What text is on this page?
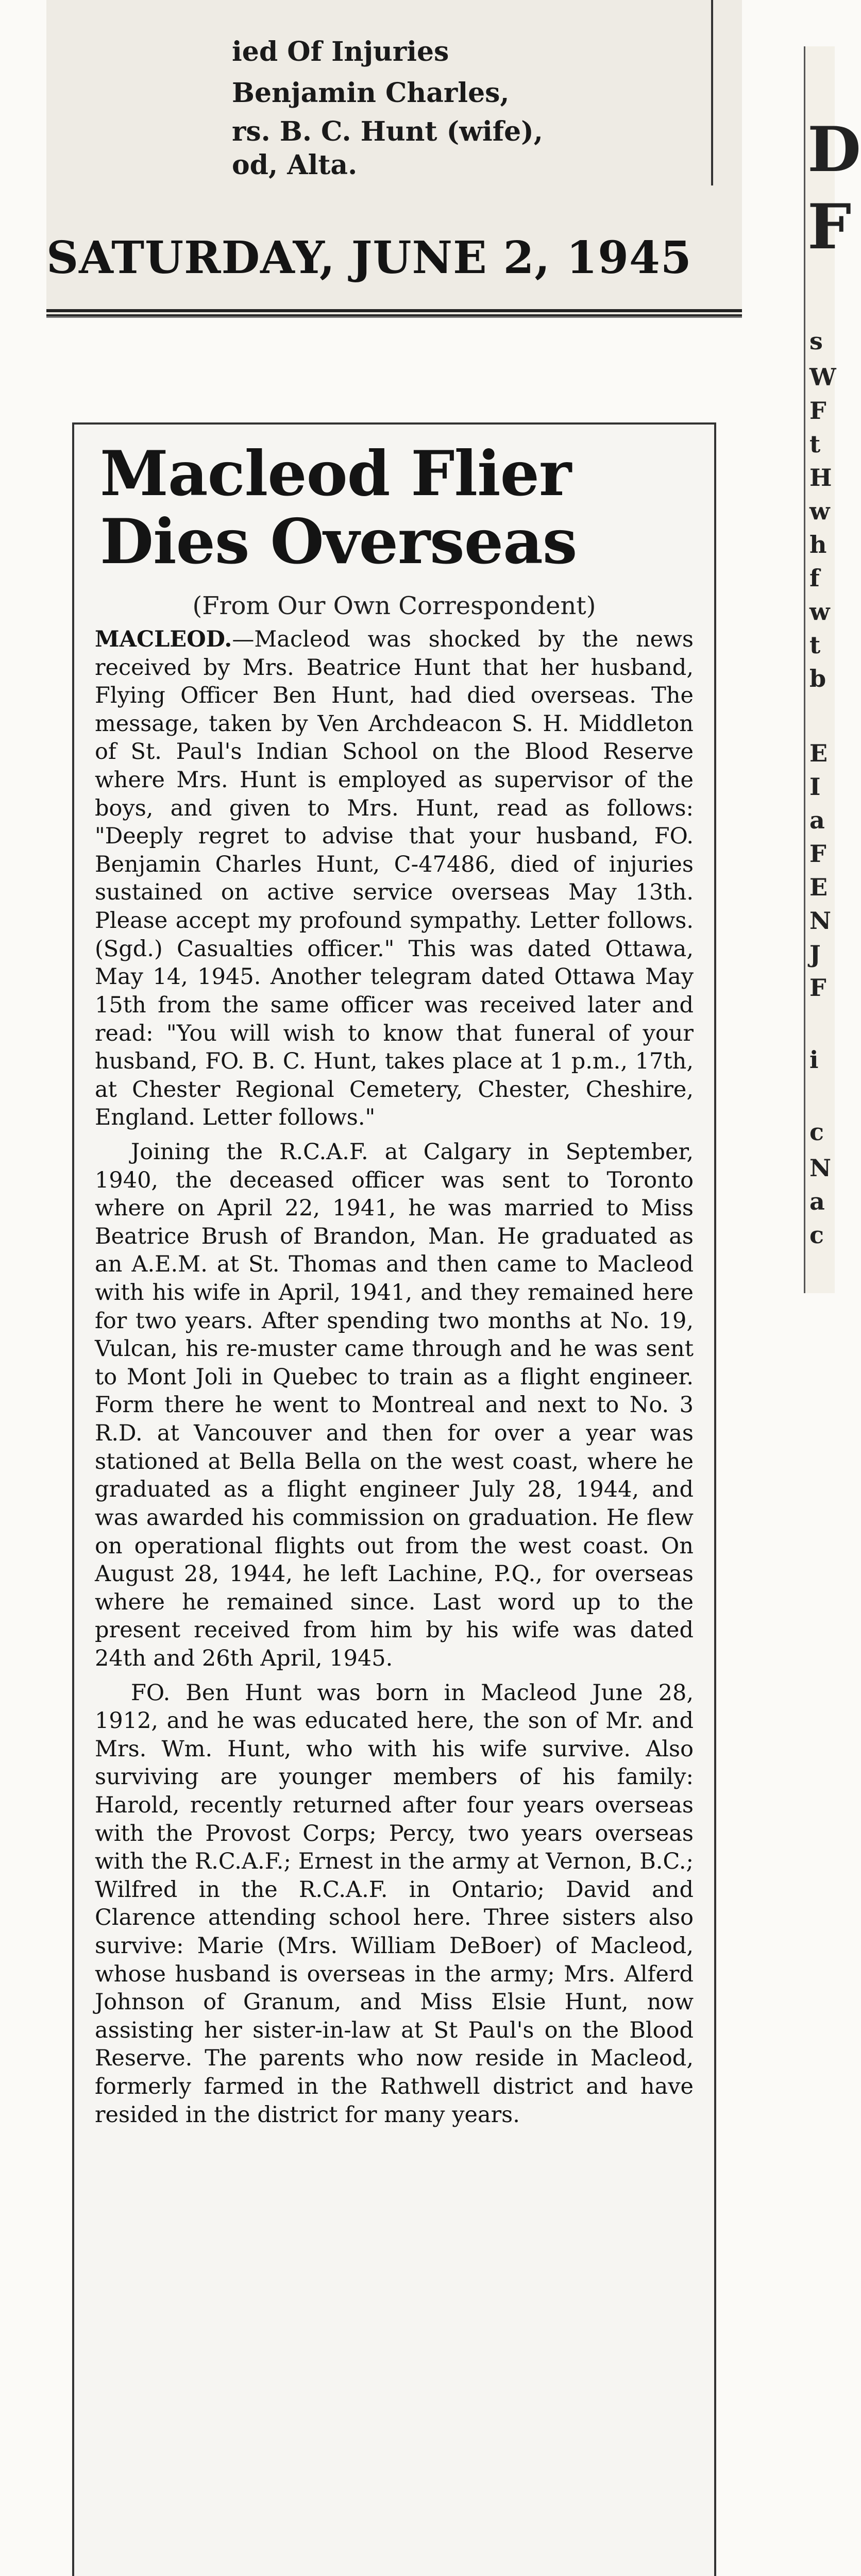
ied Of Injuries
Benjamin Charles,
rs. B. C. Hunt (wife),
od, Alta.
SATURDAY, JUNE 2, 1945
D
F
s
W
F
t
H
w
h
f
w
t
b
E
I
a
F
E
N
J
F
i
c
N
a
c
Macleod Flier
Dies Overseas
(From Our Own Correspondent)

MACLEOD.—Macleod was shocked by the news received by Mrs. Beatrice Hunt that her husband, Flying Officer Ben Hunt, had died overseas. The message, taken by Ven Archdeacon S. H. Middleton of St. Paul's Indian School on the Blood Reserve where Mrs. Hunt is employed as supervisor of the boys, and given to Mrs. Hunt, read as follows: "Deeply regret to advise that your husband, FO. Benjamin Charles Hunt, C-47486, died of injuries sustained on active service overseas May 13th. Please accept my profound sympathy. Letter follows. (Sgd.) Casualties officer." This was dated Ottawa, May 14, 1945. Another telegram dated Ottawa May 15th from the same officer was received later and read: "You will wish to know that funeral of your husband, FO. B. C. Hunt, takes place at 1 p.m., 17th, at Chester Regional Cemetery, Chester, Cheshire, England. Letter follows."

Joining the R.C.A.F. at Calgary in September, 1940, the deceased officer was sent to Toronto where on April 22, 1941, he was married to Miss Beatrice Brush of Brandon, Man. He graduated as an A.E.M. at St. Thomas and then came to Macleod with his wife in April, 1941, and they remained here for two years. After spending two months at No. 19, Vulcan, his re-muster came through and he was sent to Mont Joli in Quebec to train as a flight engineer. Form there he went to Montreal and next to No. 3 R.D. at Vancouver and then for over a year was stationed at Bella Bella on the west coast, where he graduated as a flight engineer July 28, 1944, and was awarded his commission on graduation. He flew on operational flights out from the west coast. On August 28, 1944, he left Lachine, P.Q., for overseas where he remained since. Last word up to the present received from him by his wife was dated 24th and 26th April, 1945.

FO. Ben Hunt was born in Macleod June 28, 1912, and he was educated here, the son of Mr. and Mrs. Wm. Hunt, who with his wife survive. Also surviving are younger members of his family: Harold, recently returned after four years overseas with the Provost Corps; Percy, two years overseas with the R.C.A.F.; Ernest in the army at Vernon, B.C.; Wilfred in the R.C.A.F. in Ontario; David and Clarence attending school here. Three sisters also survive: Marie (Mrs. William DeBoer) of Macleod, whose husband is overseas in the army; Mrs. Alferd Johnson of Granum, and Miss Elsie Hunt, now assisting her sister-in-law at St Paul's on the Blood Reserve. The parents who now reside in Macleod, formerly farmed in the Rathwell district and have resided in the district for many years.
